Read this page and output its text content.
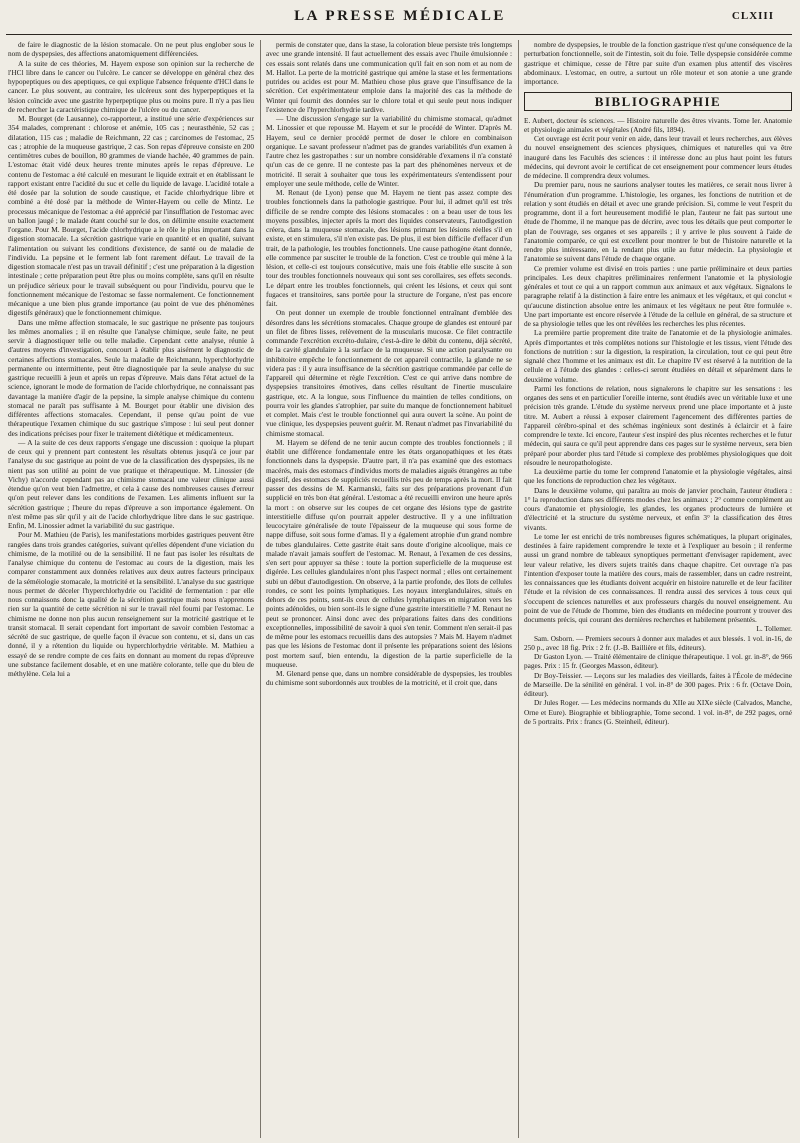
LA PRESSE MÉDICALE	CLXIII

de faire le diagnostic de la lésion stomacale. On ne peut plus englober sous le nom de dyspepsies, des affections anatomiquement différenciées.

A la suite de ces théories, M. Hayem expose son opinion sur la recherche de l'HCl libre dans le cancer ou l'ulcère. Le cancer se développe en général chez des hypopeptiques ou des apeptiques, ce qui explique l'absence fréquente d'HCl dans le cancer. Le plus souvent, au contraire, les ulcéreux sont des hyperpeptiques et la lésion coïncide avec une gastrite hyperpeptique plus ou moins pure. Il n'y a pas lieu de rechercher la caractéristique chimique de l'ulcère ou du cancer.

M. Bourget (de Lausanne), co-rapporteur, a institué une série d'expériences sur 354 malades, comprenant : chlorose et anémie, 105 cas ; neurasthénie, 52 cas ; dilatation, 115 cas ; maladie de Reichmann, 22 cas ; carcinomes de l'estomac, 25 cas ; atrophie de la muqueuse gastrique, 2 cas. Son repas d'épreuve consiste en 200 centimètres cubes de bouillon, 80 grammes de viande hachée, 40 grammes de pain. L'estomac était vidé deux heures trente minutes après le repas d'épreuve. Le contenu de l'estomac a été calculé en mesurant le liquide extrait et en établissant le rapport existant entre l'acidité du suc et celle du liquide de lavage. L'acidité totale a été dosée par la solution de soude caustique, et l'acide chlorhydrique libre et combiné a été dosé par la méthode de Winter-Hayem ou celle de Mintz. Le processus mécanique de l'estomac a été apprécié par l'insufflation de l'estomac avec un ballon jaugé ; le malade étant couché sur le dos, on délimite ensuite exactement l'organe. Pour M. Bourget, l'acide chlorhydrique a le rôle le plus important dans la digestion stomacale. La sécrétion gastrique varie en quantité et en qualité, suivant l'alimentation ou suivant les conditions d'existence, de santé ou de maladie de l'individu. La pepsine et le ferment lab font rarement défaut. Le travail de la digestion stomacale n'est pas un travail définitif ; c'est une préparation à la digestion intestinale ; cette préparation peut être plus ou moins complète, sans qu'il en résulte un préjudice sérieux pour le travail subséquent ou pour l'individu, pourvu que le fonctionnement mécanique de l'estomac se fasse normalement. Ce fonctionnement mécanique a une bien plus grande importance (au point de vue des phénomènes digestifs généraux) que le fonctionnement chimique.

Dans une même affection stomacale, le suc gastrique ne présente pas toujours les mêmes anomalies ; il en résulte que l'analyse chimique, seule faite, ne peut servir à diagnostiquer telle ou telle maladie. Cependant cette analyse, réunie à d'autres moyens d'investigation, concourt à établir plus aisément le diagnostic de certaines affections stomacales. Seule la maladie de Reichmann, hyperchlorhydrie permanente ou intermittente, peut être diagnostiquée par la seule analyse du suc gastrique recueilli à jeun et après un repas d'épreuve. Mais dans l'état actuel de la science, ignorant le mode de formation de l'acide chlorhydrique, ne connaissant pas davantage la manière d'agir de la pepsine, la simple analyse chimique du contenu stomacal ne paraît pas suffisante à M. Bourget pour établir une division des différentes affections stomacales. Cependant, il pense qu'au point de vue thérapeutique l'examen chimique du suc gastrique s'impose : lui seul peut donner des indications précises pour fixer le traitement diététique et médicamenteux.

— A la suite de ces deux rapports s'engage une discussion : quoique la plupart de ceux qui y prennent part contestent les résultats obtenus jusqu'à ce jour par l'analyse du suc gastrique au point de vue de la classification des dyspepsies, ils ne nient pas son utilité au point de vue pratique et thérapeutique. M. Linossier (de Vichy) n'accorde cependant pas au chimisme stomacal une valeur clinique aussi étendue qu'on veut bien l'admettre, et cela à cause des nombreuses causes d'erreur qu'on peut relever dans les conditions de l'examen. Les aliments influent sur la sécrétion gastrique ; l'heure du repas d'épreuve a son importance également. On n'est même pas sûr qu'il y ait de l'acide chlorhydrique libre dans le suc gastrique. Enfin, M. Linossier admet la variabilité du suc gastrique.

Pour M. Mathieu (de Paris), les manifestations morbides gastriques peuvent être rangées dans trois grandes catégories, suivant qu'elles dépendent d'une viciation du chimisme, de la motilité ou de la sensibilité. Il ne faut pas isoler les résultats de l'analyse chimique du contenu de l'estomac au cours de la digestion, mais les comparer constamment aux données relatives aux deux autres facteurs principaux de la séméiologie stomacale, la motricité et la sensibilité. L'analyse du suc gastrique nous permet de déceler l'hyperchlorhydrie ou l'acidité de fermentation : par elle nous connaissons donc la qualité de la sécrétion gastrique mais nous n'apprenons rien sur la quantité de cette sécrétion ni sur le travail réel fourni par l'estomac. Le chimisme ne donne non plus aucun renseignement sur la motricité gastrique et le transit stomacal. Il serait cependant fort important de savoir combien l'estomac a sécrété de suc gastrique, de quelle façon il évacue son contenu, et si, dans un cas donné, il y a rétention du liquide ou hyperchlorhydrie véritable. M. Mathieu a essayé de se rendre compte de ces faits en donnant au moment du repas d'épreuve une substance facilement dosable, et en une matière colorante, telle que du bleu de méthylène. Cela lui a

permis de constater que, dans la stase, la coloration bleue persiste très longtemps avec une grande intensité. Il faut actuellement des essais avec l'huile émulsionnée : ces essais sont relatés dans une communication qu'il fait en son nom et au nom de M. Hallot. La perte de la motricité gastrique qui amène la stase et les fermentations putrides ou acides est pour M. Mathieu chose plus grave que l'insuffisance de la sécrétion. Cet expérimentateur emploie dans la majorité des cas la méthode de Winter qui fournit des données sur le chlore total et qui seule peut nous indiquer l'existence de l'hyperchlorhydrie tardive.

— Une discussion s'engage sur la variabilité du chimisme stomacal, qu'admet M. Linossier et que repousse M. Hayem et sur le procédé de Winter. D'après M. Hayem, seul ce dernier procédé permet de doser le chlore en combinaison organique. Le savant professeur n'admet pas de grandes variabilités d'un examen à l'autre chez les gastropathes : sur un nombre considérable d'examens il n'a constaté qu'un cas de ce genre. Il ne conteste pas la part des phénomènes nerveux et de motricité. Il serait à souhaiter que tous les expérimentateurs s'entendissent pour employer une seule méthode, celle de Winter.

M. Renaut (de Lyon) pense que M. Hayem ne tient pas assez compte des troubles fonctionnels dans la pathologie gastrique. Pour lui, il admet qu'il est très difficile de se rendre compte des lésions stomacales : on a beau user de tous les moyens possibles, injecter après la mort des liquides conservateurs, l'autodigestion créera, dans la muqueuse stomacale, des lésions primant les lésions réelles s'il en existe, et en stimulera, s'il n'en existe pas. De plus, il est bien difficile d'effacer d'un trait, de la pathologie, les troubles fonctionnels. Une cause pathogène étant donnée, elle commence par susciter le trouble de la fonction. C'est ce trouble qui mène à la lésion, et celle-ci est toujours consécutive, mais une fois établie elle suscite à son tour des troubles fonctionnels nouveaux qui sont ses corollaires, ses effets seconds. Le départ entre les troubles fonctionnels, qui créent les lésions, et ceux qui sont fugaces et transitoires, sans portée pour la structure de l'organe, n'est pas encore fait.

On peut donner un exemple de trouble fonctionnel entraînant d'emblée des désordres dans les sécrétions stomacales. Chaque groupe de glandes est entouré par un filet de fibres lisses, relèvement de la muscularis mucosæ. Ce filet contractile commande l'excrétion excréto-dulaire, c'est-à-dire le débit du contenu, déjà sécrété, de la cavité glandulaire à la surface de la muqueuse. Si une action paralysante ou inhibitoire empêche le fonctionnement de cet appareil contractile, la glande ne se videra pas : il y aura insuffisance de la sécrétion gastrique commandée par celle de l'appareil qui détermine et règle l'excrétion. C'est ce qui arrive dans nombre de dyspepsies transitoires émotives, dans celles résultant de l'inertie musculaire gastrique, etc. A la longue, sous l'influence du maintien de telles conditions, on pourra voir les glandes s'atrophier, par suite du manque de fonctionnement habituel et complet. Mais c'est le trouble fonctionnel qui aura ouvert la scène. Au point de vue clinique, les dyspepsies peuvent guérir. M. Renaut n'admet pas l'invariabilité du chimisme stomacal.

M. Hayem se défend de ne tenir aucun compte des troubles fonctionnels ; il établit une différence fondamentale entre les états organopathiques et les états fonctionnels dans la dyspepsie. D'autre part, il n'a pas examiné que des estomacs macérés, mais des estomacs d'individus morts de maladies aiguës étrangères au tube digestif, des estomacs de suppliciés recueillis très peu de temps après la mort. Il fait passer des dessins de M. Karmanski, faits sur des préparations provenant d'un supplicié en très bon état général. L'estomac a été recueilli environ une heure après la mort : on observe sur les coupes de cet organe des lésions type de gastrite interstitielle diffuse qu'on pourrait appeler destructive. Il y a une infiltration leucocytaire généralisée de toute l'épaisseur de la muqueuse qui sous forme de nappe diffuse, soit sous forme d'amas. Il y a également atrophie d'un grand nombre de tubes glandulaires. Cette gastrite était sans doute d'origine alcoolique, mais ce malade n'avait jamais souffert de l'estomac. M. Renaut, à l'examen de ces dessins, s'en sert pour appuyer sa thèse : toute la portion superficielle de la muqueuse est digérée. Les cellules glandulaires n'ont plus l'aspect normal ; elles ont certainement subi un début d'autodigestion. On observe, à la partie profonde, des îlots de cellules rondes, ce sont les points lymphatiques. Les noyaux interglandulaires, situés en dehors de ces points, sont-ils ceux de cellules lymphatiques en migration vers les points adénoïdes, ou bien sont-ils le signe d'une gastrite interstitielle ? M. Renaut ne peut se prononcer. Ainsi donc avec des préparations faites dans des conditions exceptionnelles, impossibilité de savoir à quoi s'en tenir. Comment n'en serait-il pas de même pour les estomacs recueillis dans des autopsies ? Mais M. Hayem n'admet pas que les lésions de l'estomac dont il présente les préparations soient des lésions post mortem sauf, bien entendu, la digestion de la partie superficielle de la muqueuse.

M. Glenard pense que, dans un nombre considérable de dyspepsies, les troubles du chimisme sont subordonnés aux troubles de la motricité, et il croit que, dans

nombre de dyspepsies, le trouble de la fonction gastrique n'est qu'une conséquence de la perturbation fonctionnelle, soit de l'intestin, soit du foie. Telle dyspepsie considérée comme gastrique et chimique, cesse de l'être par suite d'un examen plus attentif des viscères abdominaux. L'estomac, en outre, a surtout un rôle moteur et son atonie a une grande importance.

BIBLIOGRAPHIE

E. Aubert, docteur ès sciences. — Histoire naturelle des êtres vivants. Tome Ier. Anatomie et physiologie animales et végétales (André fils, 1894).

Cet ouvrage est écrit pour venir en aide, dans leur travail et leurs recherches, aux élèves du nouvel enseignement des sciences physiques, chimiques et naturelles qui va être inauguré dans les Facultés des sciences : il intéresse donc au plus haut point les futurs médecins, qui devront avoir le certificat de cet enseignement pour commencer leurs études de médecine. Il comprendra deux volumes.

Du premier paru, nous ne saurions analyser toutes les matières, ce serait nous livrer à l'énumération d'un programme. L'histologie, les organes, les fonctions de nutrition et de relation y sont étudiés en détail et avec une grande précision. Si, comme le veut l'esprit du programme, dont il a fort heureusement modifié le plan, l'auteur ne fait pas surtout une étude de l'homme, il ne manque pas de décrire, avec tous les détails que peut comporter le plan de l'ouvrage, ses organes et ses appareils ; il y arrive le plus souvent à l'aide de l'anatomie comparée, ce qui est excellent pour montrer le but de l'histoire naturelle et la rendre plus intéressante, en la rendant plus utile au futur médecin. La physiologie et l'anatomie se suivent dans l'étude de chaque organe.

Ce premier volume est divisé en trois parties : une partie préliminaire et deux parties principales. Les deux chapitres préliminaires renferment l'anatomie et la physiologie générales et tout ce qui a un rapport commun aux animaux et aux végétaux. Signalons le paragraphe relatif à la distinction à faire entre les animaux et les végétaux, et qui conclut « qu'aucune distinction absolue entre les animaux et les végétaux ne peut être formulée ». Une part importante est encore réservée à l'étude de la cellule en général, de sa structure et de sa physiologie telles que les ont révélées les recherches les plus récentes.

La première partie proprement dite traite de l'anatomie et de la physiologie animales. Après d'importantes et très complètes notions sur l'histologie et les tissus, vient l'étude des fonctions de nutrition : sur la digestion, la respiration, la circulation, tout ce qui peut être signalé chez l'homme et les animaux est dit. Le chapitre IV est réservé à la nutrition de la cellule et à l'étude des glandes : celles-ci seront étudiées en détail et séparément dans le deuxième volume.

Parmi les fonctions de relation, nous signalerons le chapitre sur les sensations : les organes des sens et en particulier l'oreille interne, sont étudiés avec un véritable luxe et une précision très grande. L'étude du système nerveux prend une place importante et à juste titre. M. Aubert a réussi à exposer clairement l'agencement des différentes parties de l'appareil cérébro-spinal et des schémas ingénieux sont destinés à éclaircir et à faire comprendre le texte. Ici encore, l'auteur s'est inspiré des plus récentes recherches et le futur médecin, qui saura ce qu'il peut apprendre dans ces pages sur le système nerveux, sera bien préparé pour aborder plus tard l'étude si complexe des problèmes physiologiques que doit résoudre le neuropathologiste.

La deuxième partie du tome Ier comprend l'anatomie et la physiologie végétales, ainsi que les fonctions de reproduction chez les végétaux.

Dans le deuxième volume, qui paraîtra au mois de janvier prochain, l'auteur étudiera : 1° la reproduction dans ses différents modes chez les animaux ; 2° comme complément au cours d'anatomie et physiologie, les glandes, les organes producteurs de lumière et d'électricité et la structure du système nerveux, et enfin 3° la classification des êtres vivants.

Le tome Ier est enrichi de très nombreuses figures schématiques, la plupart originales, destinées à faire rapidement comprendre le texte et à l'expliquer au besoin ; il renferme aussi un grand nombre de tableaux synoptiques permettant d'envisager rapidement, avec leur valeur relative, les divers sujets traités dans chaque chapitre. Cet ouvrage n'a pas l'intention d'exposer toute la matière des cours, mais de rassembler, dans un cadre restreint, les connaissances que les étudiants doivent acquérir en histoire naturelle et de leur faciliter l'étude et la révision de ces connaissances. Il rendra aussi des services à tous ceux qui s'occupent de sciences naturelles et aux professeurs chargés du nouvel enseignement. Au point de vue de l'étude de l'homme, bien des étudiants en médecine pourront y trouver des documents précis, qui courant des dernières recherches et habilement présentés.

L. Tollemer.

Sam. Osborn. — Premiers secours à donner aux malades et aux blessés. 1 vol. in-16, de 250 p., avec 18 fig. Prix : 2 fr. (J.-B. Baillière et fils, éditeurs).

Dr Gaston Lyon. — Traité élémentaire de clinique thérapeutique. 1 vol. gr. in-8°, de 966 pages. Prix : 15 fr. (Georges Masson, éditeur).

Dr Boy-Teissier. — Leçons sur les maladies des vieillards, faites à l'École de médecine de Marseille. De la sénilité en général. 1 vol. in-8° de 300 pages. Prix : 6 fr. (Octave Doin, éditeur).

Dr Jules Roger. — Les médecins normands du XIIe au XIXe siècle (Calvados, Manche, Orne et Eure). Biographie et bibliographie, Tome second. 1 vol. in-8°, de 292 pages, orné de 5 portraits. Prix : francs (G. Steinheil, éditeur).
